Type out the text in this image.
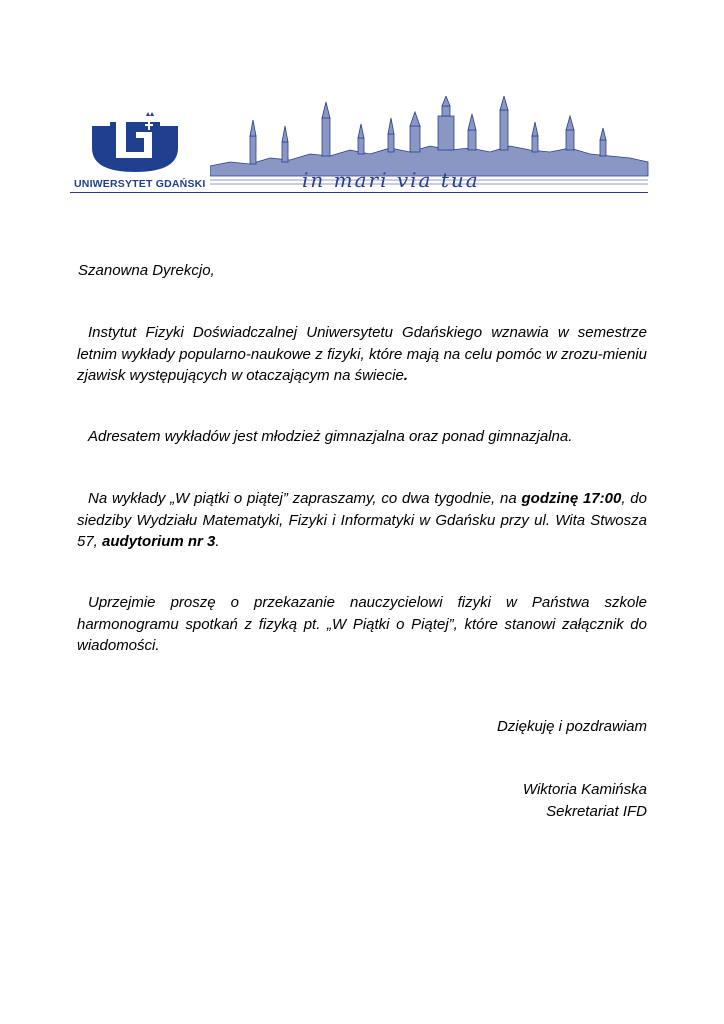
UNIWERSYTET GDAŃSKI	in mari via tua
Szanowna Dyrekcjo,
Instytut Fizyki Doświadczalnej Uniwersytetu Gdańskiego wznawia w semestrze letnim wykłady popularno-naukowe z fizyki, które mają na celu pomóc w zrozu-mieniu zjawisk występujących w otaczającym na świecie.
Adresatem wykładów jest młodzież gimnazjalna oraz ponad gimnazjalna.
Na wykłady „W piątki o piątej” zapraszamy, co dwa tygodnie, na godzinę 17:00, do siedziby Wydziału Matematyki, Fizyki i Informatyki w Gdańsku przy ul. Wita Stwosza 57, audytorium nr 3.
Uprzejmie proszę o przekazanie nauczycielowi fizyki w Państwa szkole harmonogramu spotkań z fizyką pt. „W Piątki o Piątej”, które stanowi załącznik do wiadomości.
Dziękuję i pozdrawiam
Wiktoria Kamińska
Sekretariat IFD
